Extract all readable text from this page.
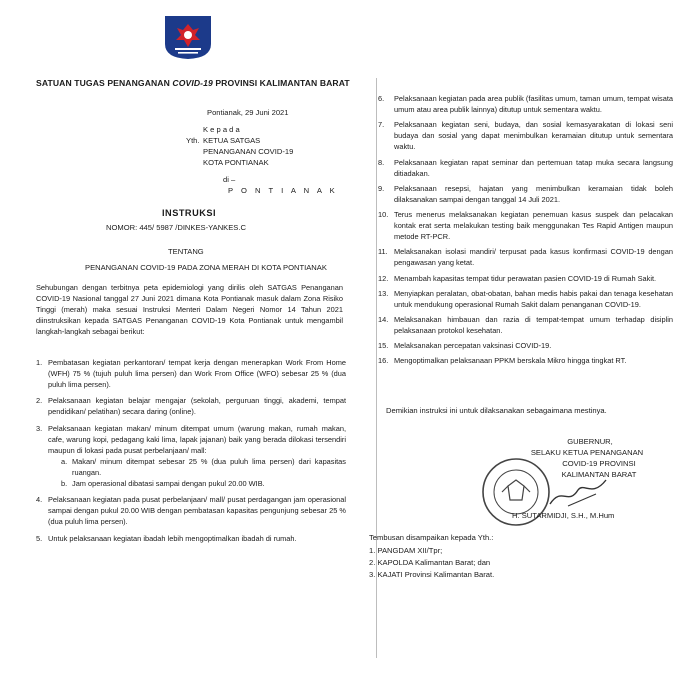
SATUAN TUGAS PENANGANAN COVID-19 PROVINSI KALIMANTAN BARAT
Pontianak, 29 Juni 2021
K e p a d a
Yth. KETUA SATGAS
PENANGANAN COVID-19
KOTA PONTIANAK
di –
P O N T I A N A K
INSTRUKSI
NOMOR: 445/ 5987 /DINKES-YANKES.C
TENTANG
PENANGANAN COVID-19 PADA ZONA MERAH DI KOTA PONTIANAK
Sehubungan dengan terbitnya peta epidemiologi yang dirilis oleh SATGAS Penanganan COVID-19 Nasional tanggal 27 Juni 2021 dimana Kota Pontianak masuk dalam Zona Risiko Tinggi (merah) maka sesuai Instruksi Menteri Dalam Negeri Nomor 14 Tahun 2021 diinstruksikan kepada SATGAS Penanganan COVID-19 Kota Pontianak untuk mengambil langkah-langkah sebagai berikut:
1. Pembatasan kegiatan perkantoran/ tempat kerja dengan menerapkan Work From Home (WFH) 75 % (tujuh puluh lima persen) dan Work From Office (WFO) sebesar 25 % (dua puluh lima persen).
2. Pelaksanaan kegiatan belajar mengajar (sekolah, perguruan tinggi, akademi, tempat pendidikan/ pelatihan) secara daring (online).
3. Pelaksanaan kegiatan makan/ minum ditempat umum (warung makan, rumah makan, cafe, warung kopi, pedagang kaki lima, lapak jajanan) baik yang berada dilokasi tersendiri maupun di lokasi pada pusat perbelanjaan/ mall:
a. Makan/ minum ditempat sebesar 25 % (dua puluh lima persen) dari kapasitas ruangan.
b. Jam operasional dibatasi sampai dengan pukul 20.00 WIB.
4. Pelaksanaan kegiatan pada pusat perbelanjaan/ mall/ pusat perdagangan jam operasional sampai dengan pukul 20.00 WIB dengan pembatasan kapasitas pengunjung sebesar 25 % (dua puluh lima persen).
5. Untuk pelaksanaan kegiatan ibadah lebih mengoptimalkan ibadah di rumah.
6. Pelaksanaan kegiatan pada area publik (fasilitas umum, taman umum, tempat wisata umum atau area publik lainnya) ditutup untuk sementara waktu.
7. Pelaksanaan kegiatan seni, budaya, dan sosial kemasyarakatan di lokasi seni budaya dan sosial yang dapat menimbulkan keramaian ditutup untuk sementara waktu.
8. Pelaksanaan kegiatan rapat seminar dan pertemuan tatap muka secara langsung ditiadakan.
9. Pelaksanaan resepsi, hajatan yang menimbulkan keramaian tidak boleh dilaksanakan sampai dengan tanggal 14 Juli 2021.
10. Terus menerus melaksanakan kegiatan penemuan kasus suspek dan pelacakan kontak erat serta melakukan testing baik menggunakan Tes Rapid Antigen maupun metode RT-PCR.
11. Melaksanakan isolasi mandiri/ terpusat pada kasus konfirmasi COVID-19 dengan pengawasan yang ketat.
12. Menambah kapasitas tempat tidur perawatan pasien COVID-19 di Rumah Sakit.
13. Menyiapkan peralatan, obat-obatan, bahan medis habis pakai dan tenaga kesehatan untuk mendukung operasional Rumah Sakit dalam penanganan COVID-19.
14. Melaksanakan himbauan dan razia di tempat-tempat umum terhadap disiplin pelaksanaan protokol kesehatan.
15. Melaksanakan percepatan vaksinasi COVID-19.
16. Mengoptimalkan pelaksanaan PPKM berskala Mikro hingga tingkat RT.
Demikian instruksi ini untuk dilaksanakan sebagaimana mestinya.
GUBERNUR,
SELAKU KETUA PENANGANAN
COVID-19 PROVINSI KALIMANTAN BARAT
H. SUTARMIDJI, S.H., M.Hum
Tembusan disampaikan kepada Yth.:
1. PANGDAM XII/Tpr;
2. KAPOLDA Kalimantan Barat; dan
3. KAJATI Provinsi Kalimantan Barat.
